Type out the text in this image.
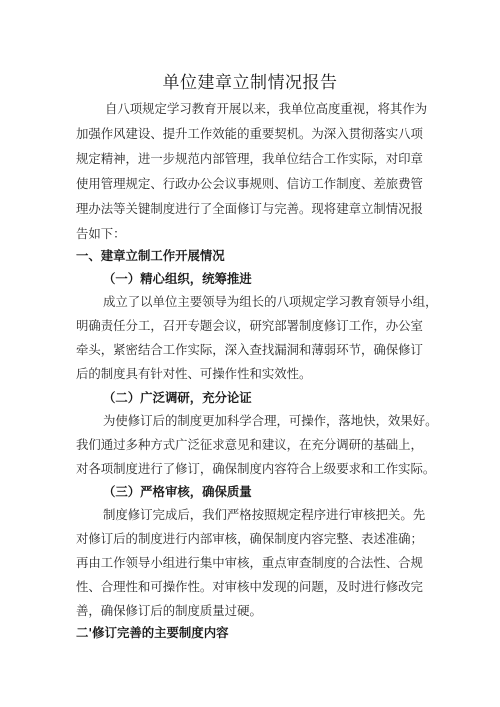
单位建章立制情况报告
自八项规定学习教育开展以来，我单位高度重视，将其作为
加强作风建设、提升工作效能的重要契机。为深入贯彻落实八项
规定精神，进一步规范内部管理，我单位结合工作实际，对印章
使用管理规定、行政办公会议事规则、信访工作制度、差旅费管
理办法等关键制度进行了全面修订与完善。现将建章立制情况报
告如下：
一、建章立制工作开展情况
（一）精心组织，统筹推进
成立了以单位主要领导为组长的八项规定学习教育领导小组，
明确责任分工，召开专题会议，研究部署制度修订工作，办公室
牵头，紧密结合工作实际，深入查找漏洞和薄弱环节，确保修订
后的制度具有针对性、可操作性和实效性。
（二）广泛调研，充分论证
为使修订后的制度更加科学合理，可操作，落地快，效果好。
我们通过多种方式广泛征求意见和建议，在充分调研的基础上，
对各项制度进行了修订，确保制度内容符合上级要求和工作实际。
（三）严格审核，确保质量
制度修订完成后，我们严格按照规定程序进行审核把关。先
对修订后的制度进行内部审核，确保制度内容完整、表述准确；
再由工作领导小组进行集中审核，重点审查制度的合法性、合规
性、合理性和可操作性。对审核中发现的问题，及时进行修改完
善，确保修订后的制度质量过硬。
二'修订完善的主要制度内容
